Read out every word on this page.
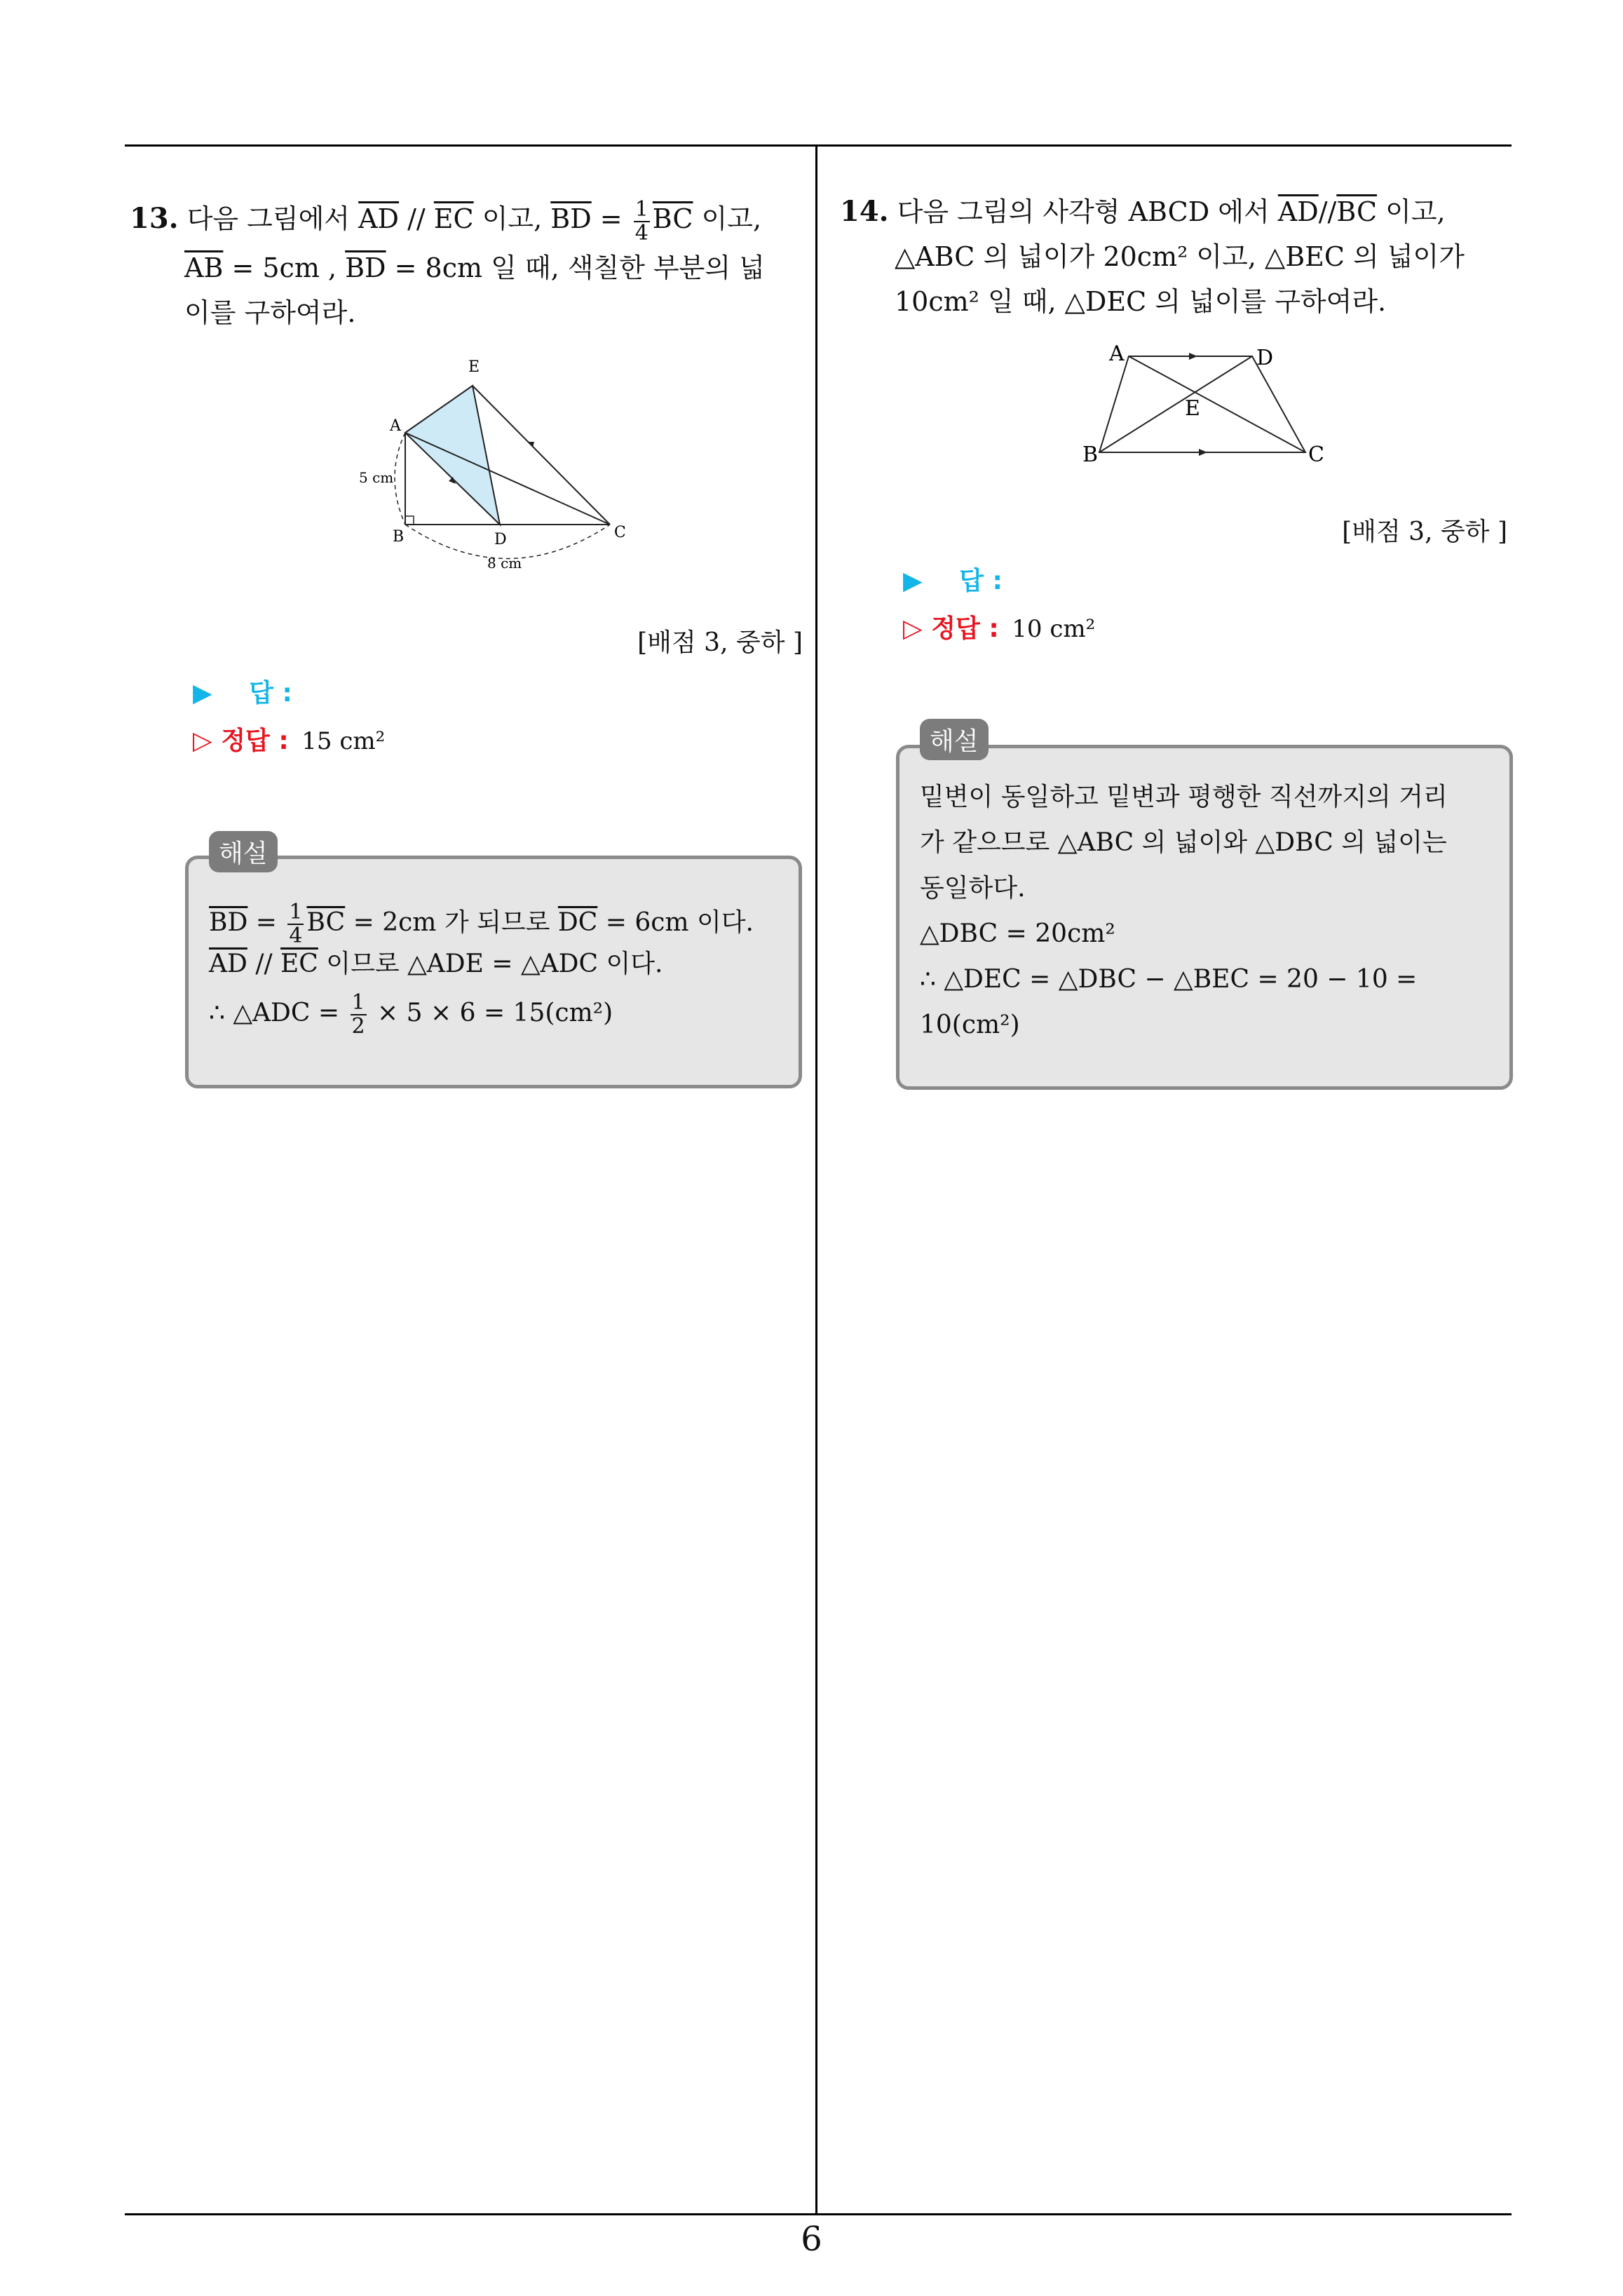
13. 다음 그림에서 $\overline{AD} // \overline{EC}$ 이고, $\overline{BD} = \frac{1}{4} \overline{BC}$ 이고,
$\overline{AB} = 5cm$ , $\overline{BD} = 8cm$ 일 때, 색칠한 부분의 넓
이를 구하여라.
E
A
B	D	C
5 cm
8 cm
[배점 3, 중하 ]
▶ 답 :
▷ 정답 : 15 cm²
해설
$\overline{BD} = \frac{1}{4} \overline{BC} = 2cm$ 가 되므로 $\overline{DC} = 6cm$ 이다.
$\overline{AD} // \overline{EC}$ 이므로 △ADE = △ADC 이다.
∴ △ADC = $\frac{1}{2} \times 5 \times 6 = 15(cm^2)$
14. 다음 그림의 사각형 ABCD 에서 $\overline{AD}//\overline{BC}$ 이고,
△ABC 의 넓이가 20cm² 이고, △BEC 의 넓이가
10cm² 일 때, △DEC 의 넓이를 구하여라.
A	D
E
B	C
[배점 3, 중하 ]
▶ 답 :
▷ 정답 : 10 cm²
해설
밑변이 동일하고 밑변과 평행한 직선까지의 거리
가 같으므로 △ABC 의 넓이와 △DBC 의 넓이는
동일하다.
△DBC = 20cm²
∴ △DEC = △DBC − △BEC = 20 − 10 =
10(cm²)
6
